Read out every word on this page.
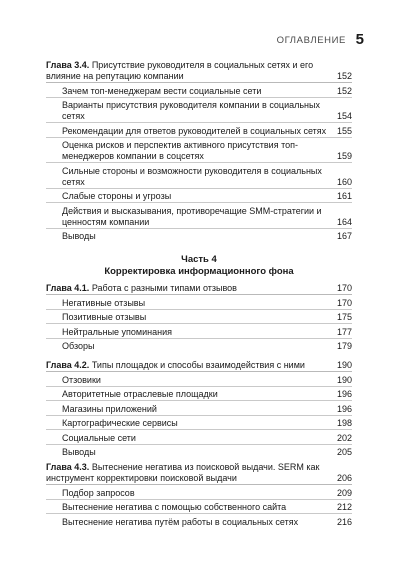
ОГЛАВЛЕНИЕ 5
Глава 3.4. Присутствие руководителя в социальных сетях и его влияние на репутацию компании	152
Зачем топ-менеджерам вести социальные сети	152
Варианты присутствия руководителя компании в социальных сетях	154
Рекомендации для ответов руководителей в социальных сетях 155
Оценка рисков и перспектив активного присутствия топ-менеджеров компании в соцсетях	159
Сильные стороны и возможности руководителя в социальных сетях	160
Слабые стороны и угрозы	161
Действия и высказывания, противоречащие SMM-стратегии и ценностям компании	164
Выводы	167
Часть 4
Корректировка информационного фона
Глава 4.1. Работа с разными типами отзывов	170
Негативные отзывы	170
Позитивные отзывы	175
Нейтральные упоминания	177
Обзоры	179
Глава 4.2. Типы площадок и способы взаимодействия с ними	190
Отзовики	190
Авторитетные отраслевые площадки	196
Магазины приложений	196
Картографические сервисы	198
Социальные сети	202
Выводы	205
Глава 4.3. Вытеснение негатива из поисковой выдачи. SERM как инструмент корректировки поисковой выдачи	206
Подбор запросов	209
Вытеснение негатива с помощью собственного сайта	212
Вытеснение негатива путём работы в социальных сетях	216
